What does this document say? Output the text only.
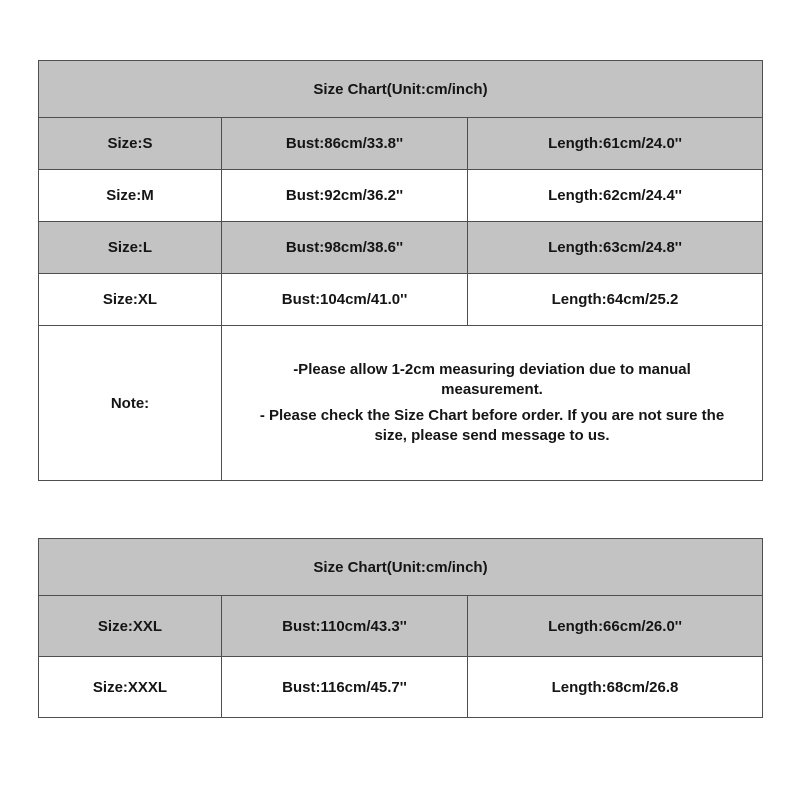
Size Chart(Unit:cm/inch)		
Size:S	Bust:86cm/33.8''	Length:61cm/24.0''
Size:M	Bust:92cm/36.2''	Length:62cm/24.4''
Size:L	Bust:98cm/38.6''	Length:63cm/24.8''
Size:XL	Bust:104cm/41.0''	Length:64cm/25.2
Note:	-Please allow 1-2cm measuring deviation due to manual measurement.

- Please check the Size Chart before order. If you are not sure the size, please send message to us.	

Size Chart(Unit:cm/inch)		
Size:XXL	Bust:110cm/43.3''	Length:66cm/26.0''
Size:XXXL	Bust:116cm/45.7''	Length:68cm/26.8
